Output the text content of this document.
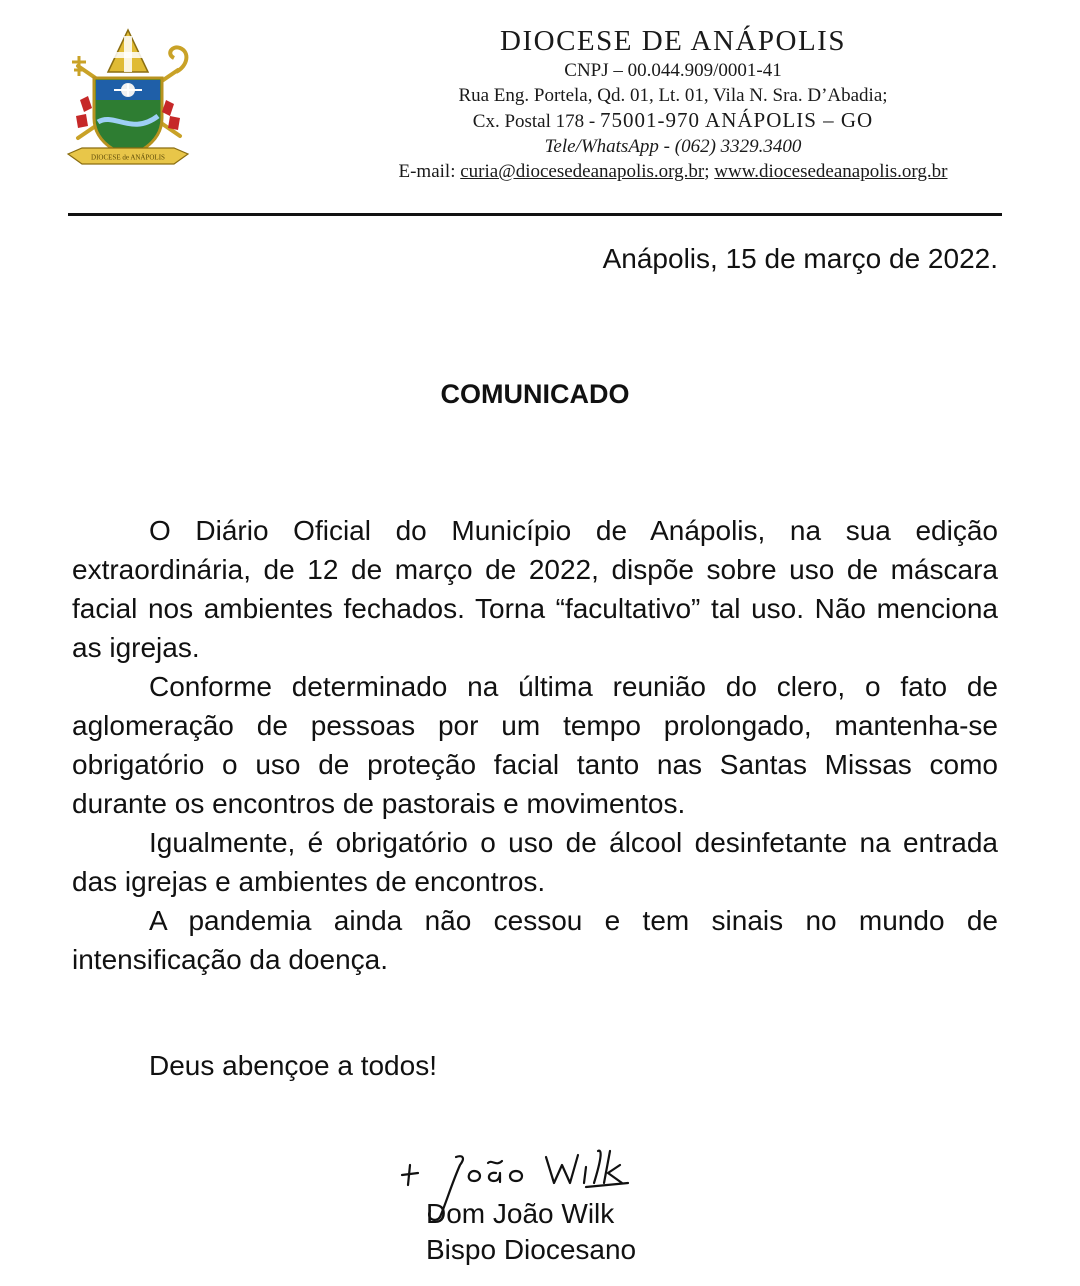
DIOCESE de ANÁPOLIS
DIOCESE DE ANÁPOLIS
CNPJ – 00.044.909/0001-41
Rua Eng. Portela, Qd. 01, Lt. 01, Vila N. Sra. D’Abadia;
Cx. Postal 178 - 75001-970 ANÁPOLIS – GO
Tele/WhatsApp - (062) 3329.3400
E-mail: curia@diocesedeanapolis.org.br; www.diocesedeanapolis.org.br
Anápolis, 15 de março de 2022.
COMUNICADO

O Diário Oficial do Município de Anápolis, na sua edição extraordinária, de 12 de março de 2022, dispõe sobre uso de máscara facial nos ambientes fechados. Torna “facultativo” tal uso. Não menciona as igrejas.

Conforme determinado na última reunião do clero, o fato de aglomeração de pessoas por um tempo prolongado, mantenha-se obrigatório o uso de proteção facial tanto nas Santas Missas como durante os encontros de pastorais e movimentos.

Igualmente, é obrigatório o uso de álcool desinfetante na entrada das igrejas e ambientes de encontros.

A pandemia ainda não cessou e tem sinais no mundo de intensificação da doença.

Deus abençoe a todos!
Dom João Wilk
Bispo Diocesano
